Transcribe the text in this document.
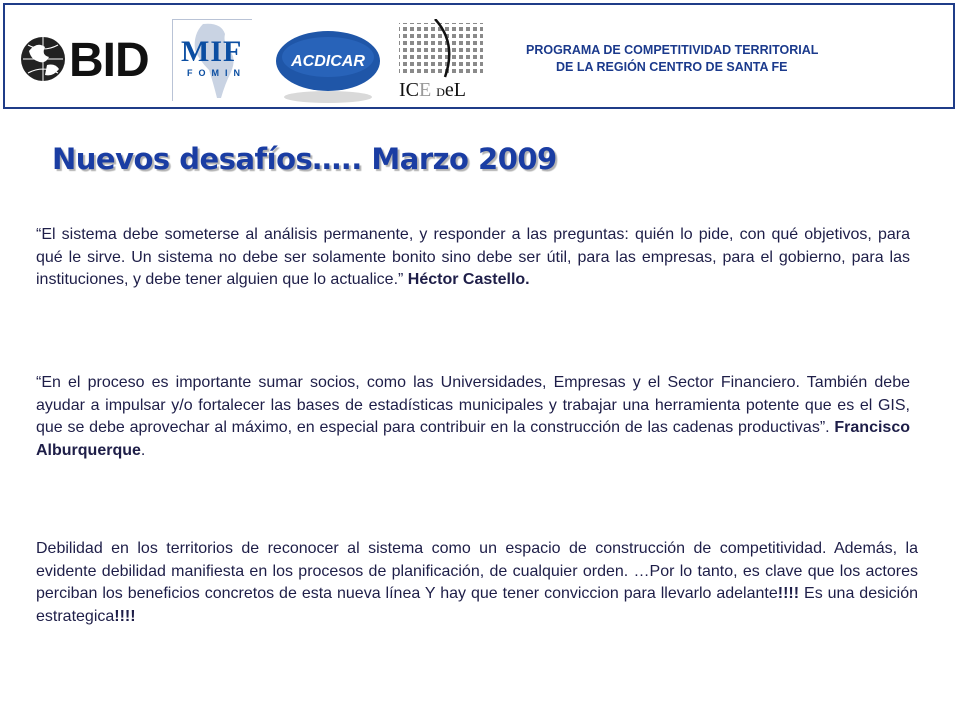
BID MIF
FOMIN
ACDICAR
ICE DeL
PROGRAMA DE COMPETITIVIDAD TERRITORIAL
DE LA REGIÓN CENTRO DE SANTA FE
Nuevos desafíos….. Marzo 2009

“El sistema debe someterse al análisis permanente, y responder a las preguntas: quién lo pide, con qué objetivos, para qué le sirve. Un sistema no debe ser solamente bonito sino debe ser útil, para las empresas, para el gobierno, para las instituciones, y debe tener alguien que lo actualice.” Héctor Castello.

“En el proceso es importante sumar socios, como las Universidades, Empresas y el Sector Financiero. También debe ayudar a impulsar y/o fortalecer las bases de estadísticas municipales y trabajar una herramienta potente que es el GIS, que se debe aprovechar al máximo, en especial para contribuir en la construcción de las cadenas productivas”. Francisco Alburquerque.

Debilidad en los territorios de reconocer al sistema como un espacio de construcción de competitividad. Además, la evidente debilidad manifiesta en los procesos de planificación, de cualquier orden. …Por lo tanto, es clave que los actores perciban los beneficios concretos de esta nueva línea Y hay que tener conviccion para llevarlo adelante!!!! Es una desición estrategica!!!!
